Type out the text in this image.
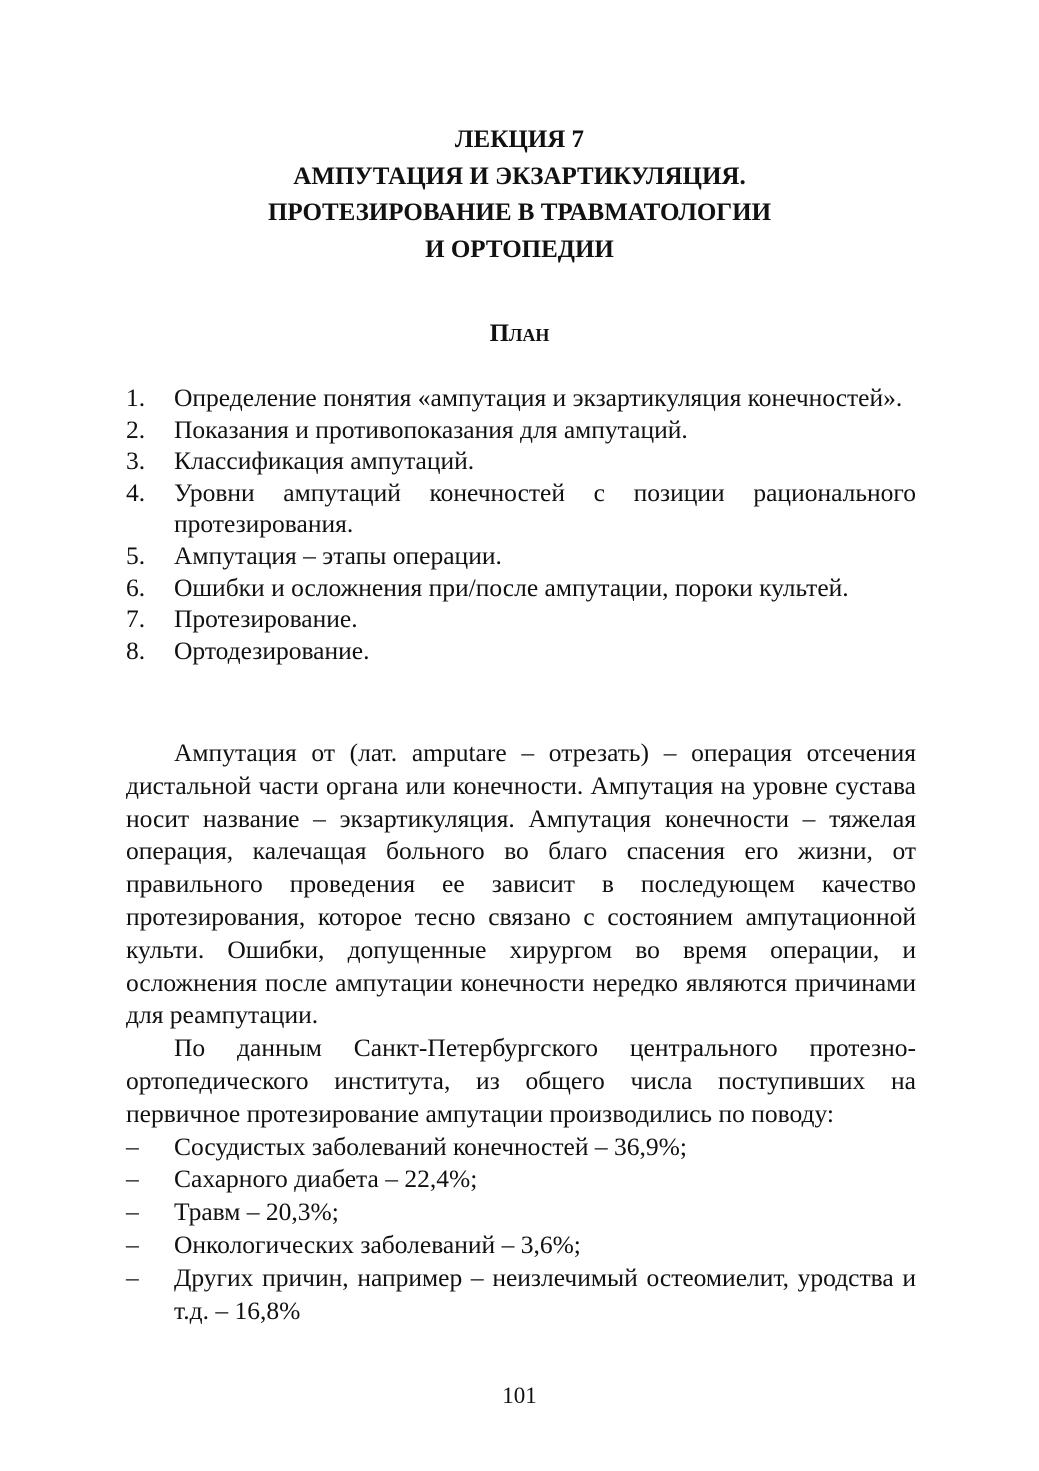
ЛЕКЦИЯ 7
АМПУТАЦИЯ И ЭКЗАРТИКУЛЯЦИЯ.
ПРОТЕЗИРОВАНИЕ В ТРАВМАТОЛОГИИ
И ОРТОПЕДИИ
План
1. Определение понятия «ампутация и экзартикуляция конечностей».
2. Показания и противопоказания для ампутаций.
3. Классификация ампутаций.
4. Уровни ампутаций конечностей с позиции рационального протезирования.
5. Ампутация – этапы операции.
6. Ошибки и осложнения при/после ампутации, пороки культей.
7. Протезирование.
8. Ортодезирование.

Ампутация от (лат. amputare – отрезать) – операция отсечения дистальной части органа или конечности. Ампутация на уровне сустава носит название – экзартикуляция. Ампутация конечности – тяжелая операция, калечащая больного во благо спасения его жизни, от правильного проведения ее зависит в последующем качество протезирования, которое тесно связано с состоянием ампутационной культи. Ошибки, допущенные хирургом во время операции, и осложнения после ампутации конечности нередко являются причинами для реампутации.

По данным Санкт-Петербургского центрального протезно-ортопедического института, из общего числа поступивших на первичное протезирование ампутации производились по поводу:

– Сосудистых заболеваний конечностей – 36,9%;
– Сахарного диабета – 22,4%;
– Травм – 20,3%;
– Онкологических заболеваний – 3,6%;
– Других причин, например – неизлечимый остеомиелит, уродства и т.д. – 16,8%
101
